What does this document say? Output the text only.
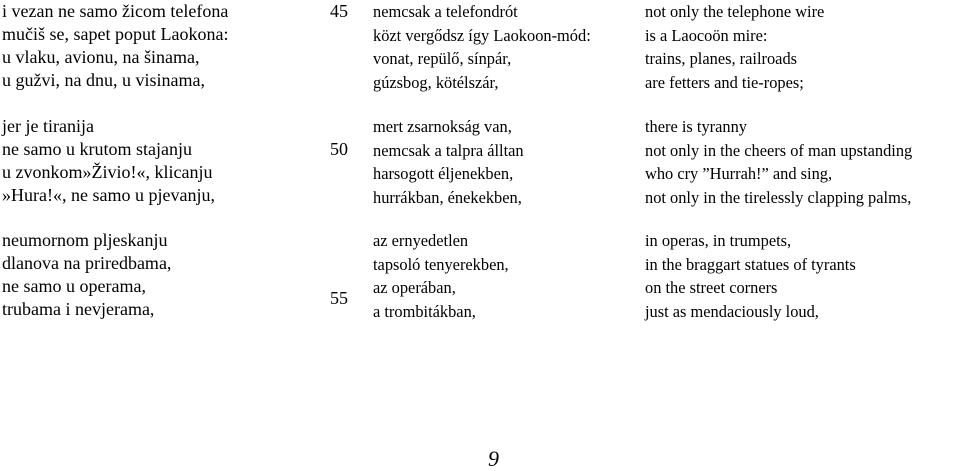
i vezan ne samo žicom telefona
mučiš se, sapet poput Laokona:
u vlaku, avionu, na šinama,
u gužvi, na dnu, u visinama,
jer je tiranija
ne samo u krutom stajanju
u zvonkom»Živio!«, klicanju
»Hura!«, ne samo u pjevanju,
neumornom pljeskanju
dlanova na priredbama,
ne samo u operama,
trubama i nevjerama,
45
50
55
nemcsak a telefondrót
közt vergődsz így Laokoon-mód:
vonat, repülő, sínpár,
gúzsbog, kötélszár,
mert zsarnokság van,
nemcsak a talpra álltan
harsogott éljenekben,
hurrákban, énekekben,
az ernyedetlen
tapsoló tenyerekben,
az operában,
a trombitákban,
not only the telephone wire
is a Laocoön mire:
trains, planes, railroads
are fetters and tie-ropes;
there is tyranny
not only in the cheers of man upstanding
who cry ”Hurrah!” and sing,
not only in the tirelessly clapping palms,
in operas, in trumpets,
in the braggart statues of tyrants
on the street corners
just as mendaciously loud,
9
